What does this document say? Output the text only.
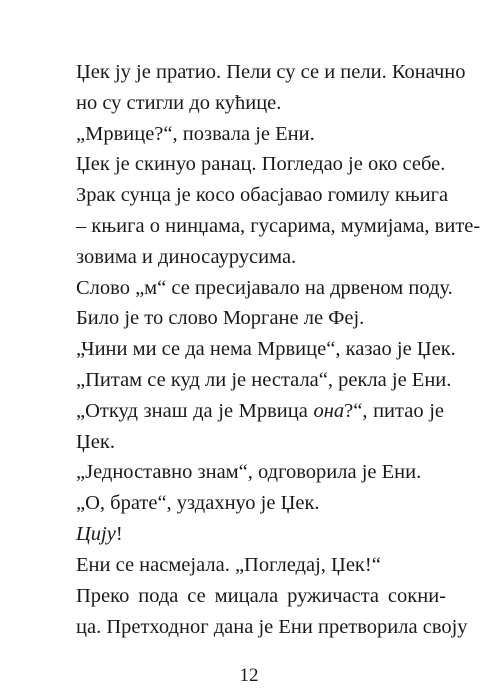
Џек ју је пратио. Пели су се и пели. Коначно
но су стигли до кућице.
„Мрвице?“, позвала је Ени.
Џек је скинуо ранац. Погледао је око себе.
Зрак сунца је косо обасјавао гомилу књига
– књига о нинџама, гусарима, мумијама, вите-
зовима и диносаурусима.
Слово „м“ се пресијавало на дрвеном поду.
Било је то слово Моргане ле Феј.
„Чини ми се да нема Мрвице“, казао је Џек.
„Питам се куд ли је нестала“, рекла је Ени.
„Откуд знаш да је Мрвица она?“, питао је
Џек.
„Једноставно знам“, одговорила је Ени.
„О, брате“, уздахнуо је Џек.
Цију!
Ени се насмејала. „Погледај, Џек!“
Преко пода се мицала ружичаста сокни-
ца. Претходног дана је Ени претворила своју
12
